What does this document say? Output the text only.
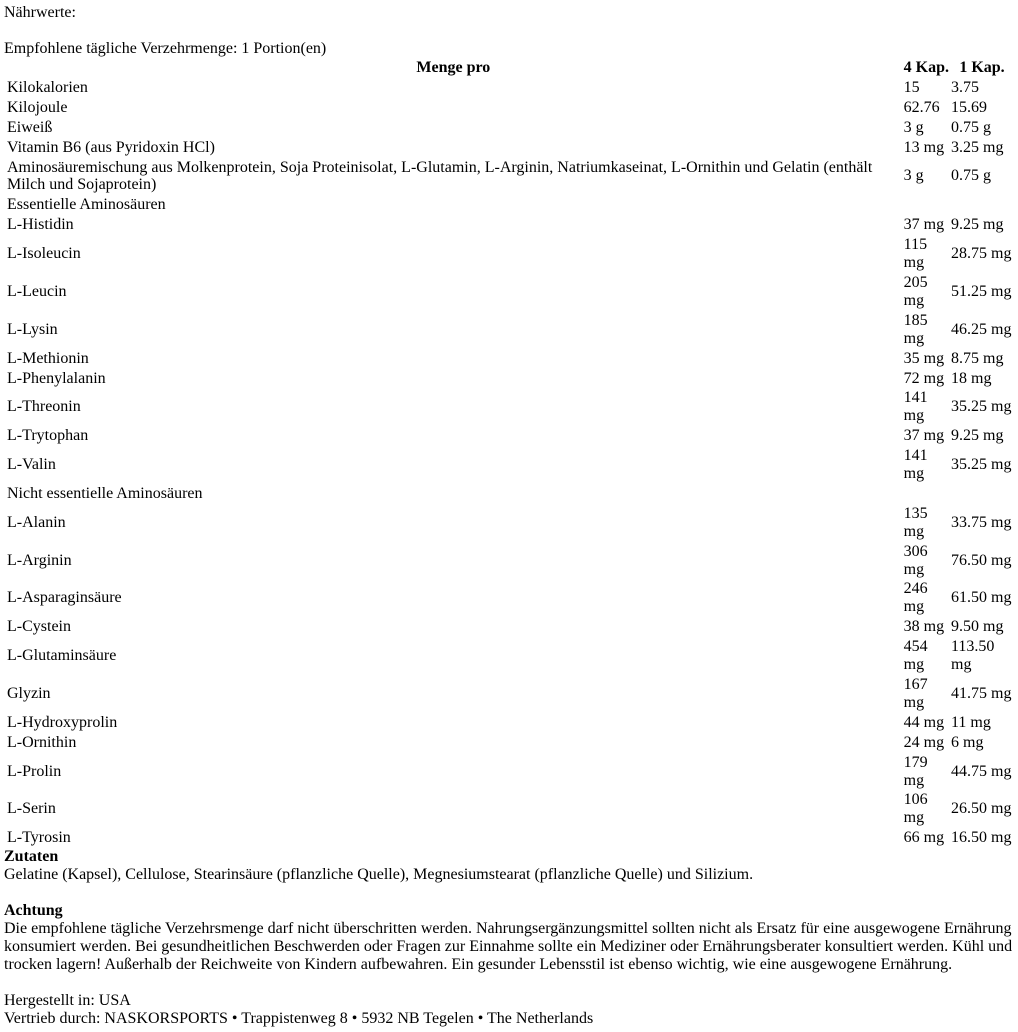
Nährwerte:

Empfohlene tägliche Verzehrmenge: 1 Portion(en)

Menge pro	4 Kap.	1 Kap.
Kilokalorien	15	3.75
Kilojoule	62.76	15.69
Eiweiß	3 g	0.75 g
Vitamin B6 (aus Pyridoxin HCl)	13 mg	3.25 mg
Aminosäuremischung aus Molkenprotein, Soja Proteinisolat, L-Glutamin, L-Arginin, Natriumkaseinat, L-Ornithin und Gelatin (enthält Milch und Sojaprotein)	3 g	0.75 g
Essentielle Aminosäuren		
L-Histidin	37 mg	9.25 mg
L-Isoleucin	115 mg	28.75 mg
L-Leucin	205 mg	51.25 mg
L-Lysin	185 mg	46.25 mg
L-Methionin	35 mg	8.75 mg
L-Phenylalanin	72 mg	18 mg
L-Threonin	141 mg	35.25 mg
L-Trytophan	37 mg	9.25 mg
L-Valin	141 mg	35.25 mg
Nicht essentielle Aminosäuren		
L-Alanin	135 mg	33.75 mg
L-Arginin	306 mg	76.50 mg
L-Asparaginsäure	246 mg	61.50 mg
L-Cystein	38 mg	9.50 mg
L-Glutaminsäure	454 mg	113.50 mg
Glyzin	167 mg	41.75 mg
L-Hydroxyprolin	44 mg	11 mg
L-Ornithin	24 mg	6 mg
L-Prolin	179 mg	44.75 mg
L-Serin	106 mg	26.50 mg
L-Tyrosin	66 mg	16.50 mg

Zutaten

Gelatine (Kapsel), Cellulose, Stearinsäure (pflanzliche Quelle), Megnesiumstearat (pflanzliche Quelle) und Silizium.

Achtung

Die empfohlene tägliche Verzehrsmenge darf nicht überschritten werden. Nahrungsergänzungsmittel sollten nicht als Ersatz für eine ausgewogene Ernährung konsumiert werden. Bei gesundheitlichen Beschwerden oder Fragen zur Einnahme sollte ein Mediziner oder Ernährungsberater konsultiert werden. Kühl und trocken lagern! Außerhalb der Reichweite von Kindern aufbewahren. Ein gesunder Lebensstil ist ebenso wichtig, wie eine ausgewogene Ernährung.

Hergestellt in: USA

Vertrieb durch: NASKORSPORTS • Trappistenweg 8 • 5932 NB Tegelen • The Netherlands
